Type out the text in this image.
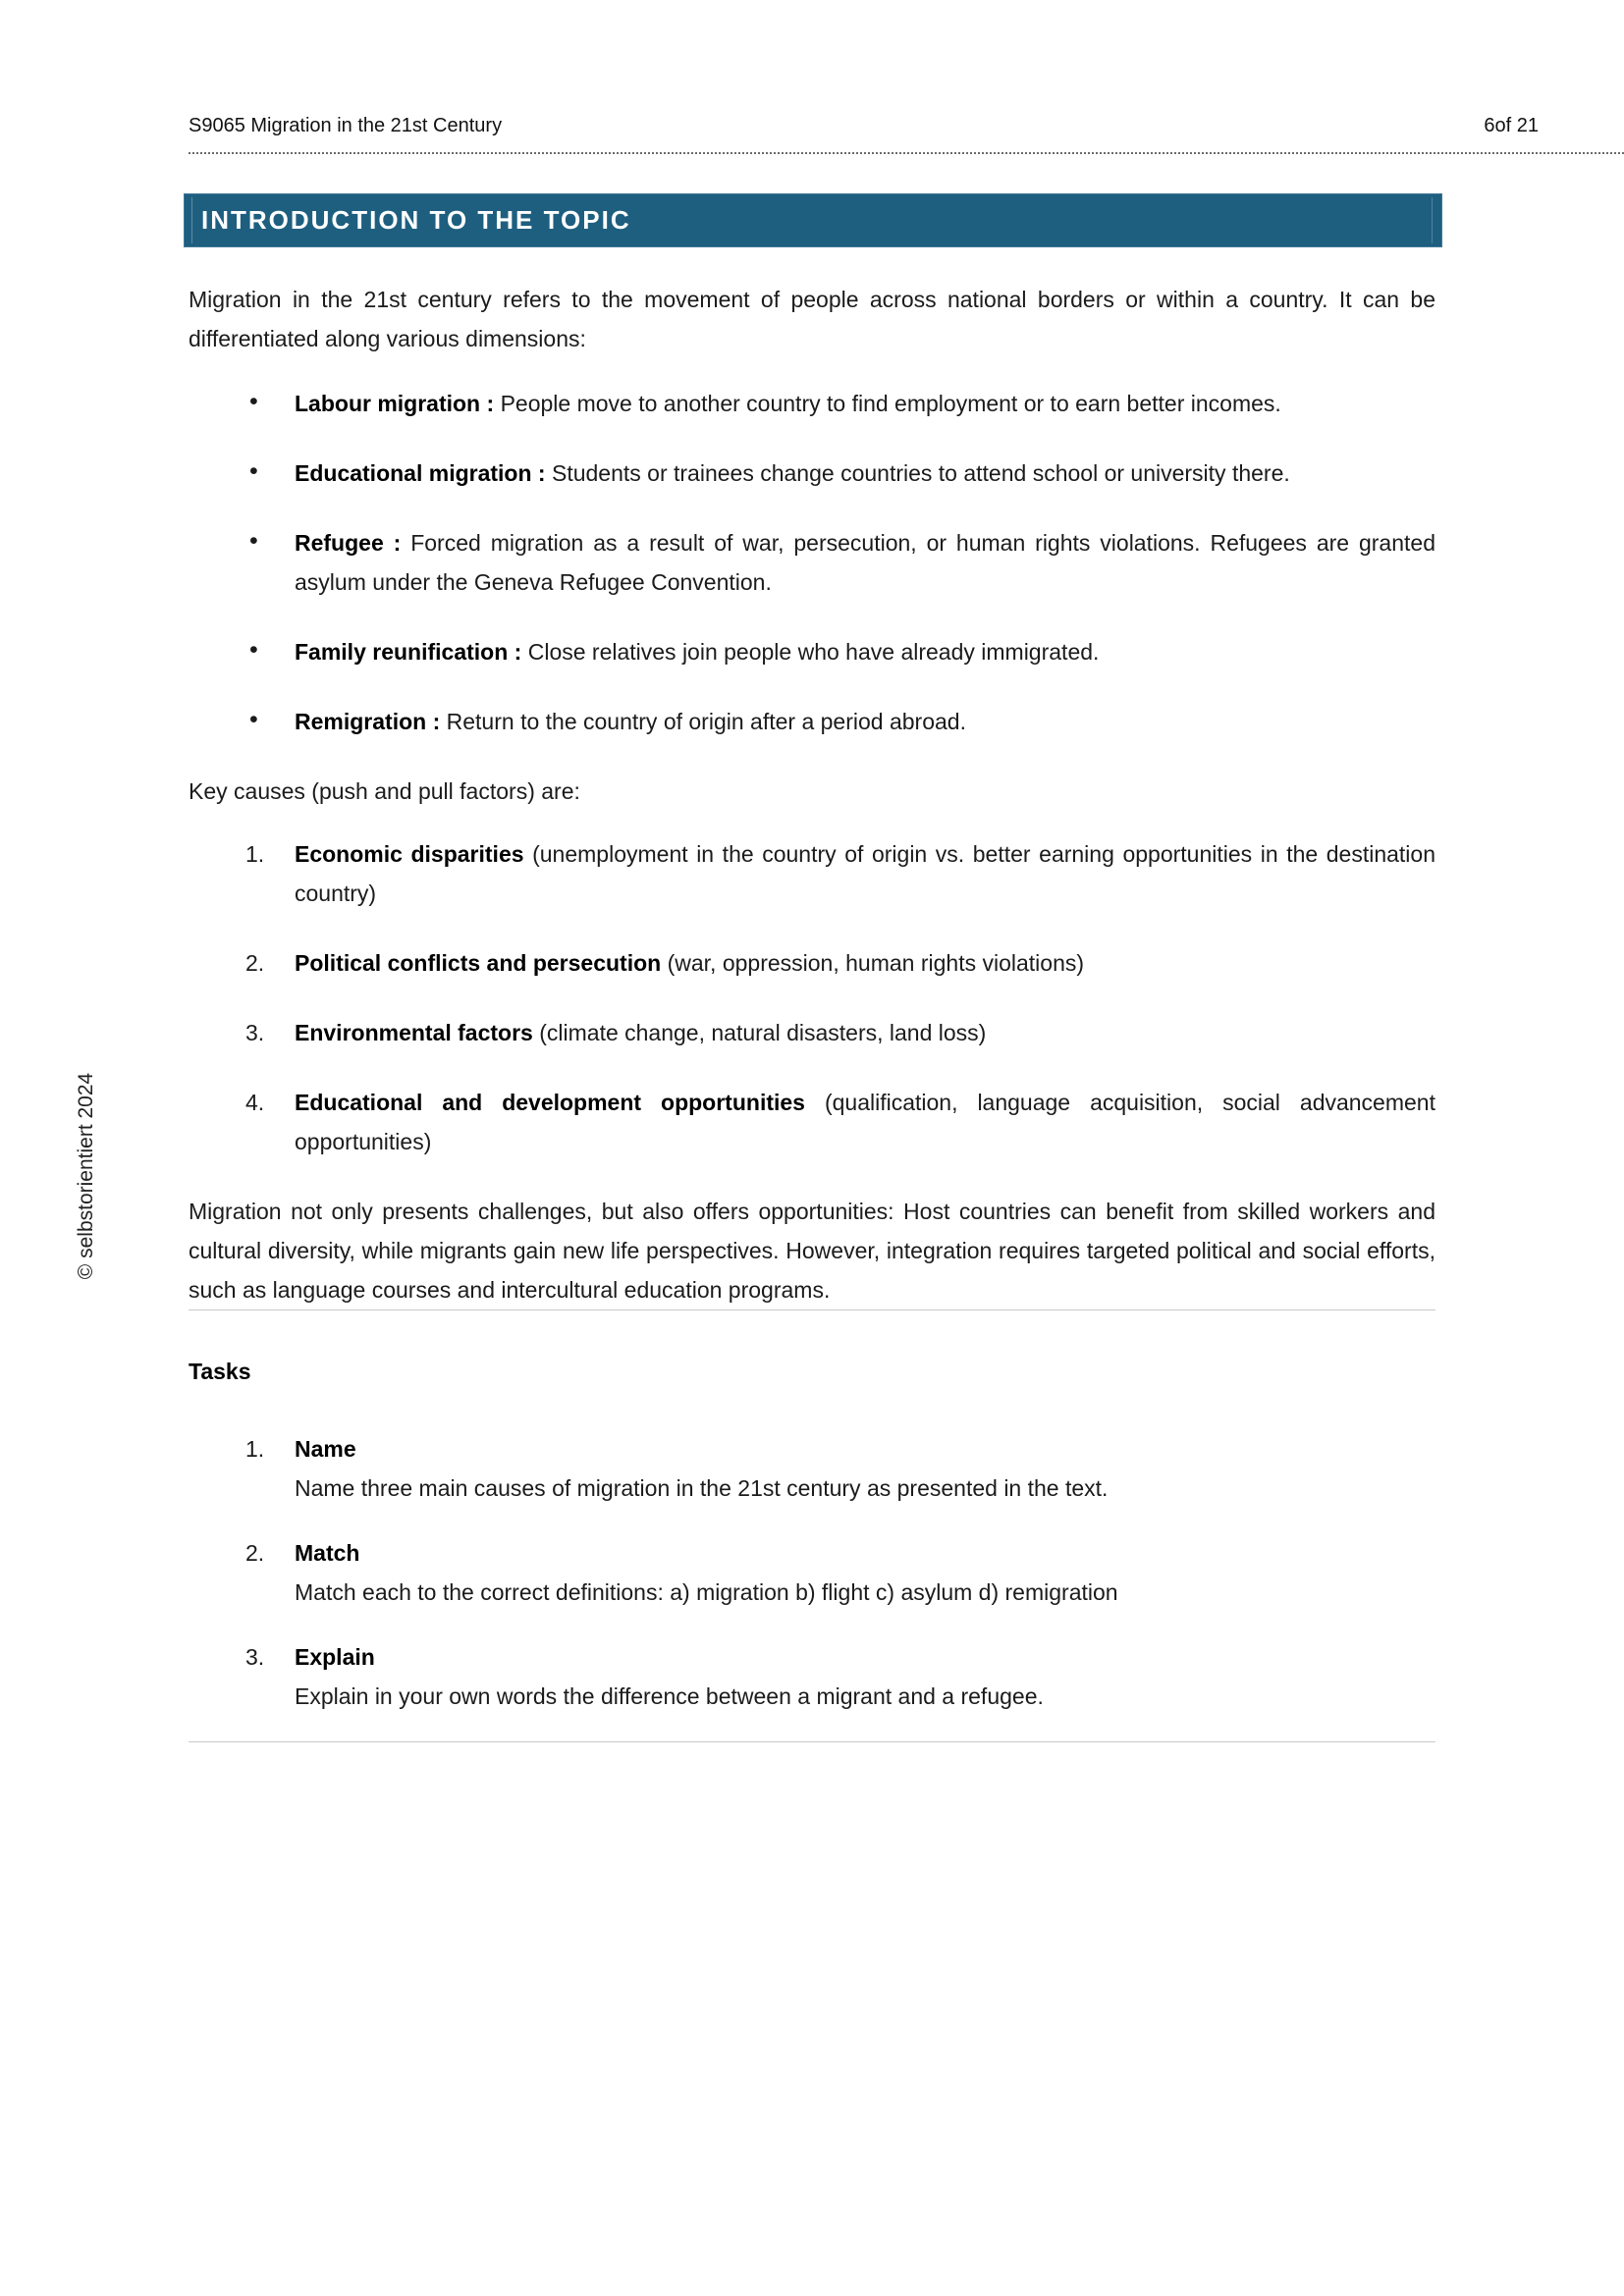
S9065 Migration in the 21st Century	6of 21
INTRODUCTION TO THE TOPIC
© selbstorientiert 2024

Migration in the 21st century refers to the movement of people across national borders or within a country. It can be differentiated along various dimensions:

• Labour migration : People move to another country to find employment or to earn better incomes.
• Educational migration : Students or trainees change countries to attend school or university there.
• Refugee : Forced migration as a result of war, persecution, or human rights violations. Refugees are granted asylum under the Geneva Refugee Convention.
• Family reunification : Close relatives join people who have already immigrated.
• Remigration : Return to the country of origin after a period abroad.

Key causes (push and pull factors) are:

1. Economic disparities (unemployment in the country of origin vs. better earning opportunities in the destination country)
2. Political conflicts and persecution (war, oppression, human rights violations)
3. Environmental factors (climate change, natural disasters, land loss)
4. Educational and development opportunities (qualification, language acquisition, social advancement opportunities)

Migration not only presents challenges, but also offers opportunities: Host countries can benefit from skilled workers and cultural diversity, while migrants gain new life perspectives. However, integration requires targeted political and social efforts, such as language courses and intercultural education programs.

Tasks

1. Name
Name three main causes of migration in the 21st century as presented in the text.
2. Match
Match each to the correct definitions: a) migration b) flight c) asylum d) remigration
3. Explain
Explain in your own words the difference between a migrant and a refugee.
